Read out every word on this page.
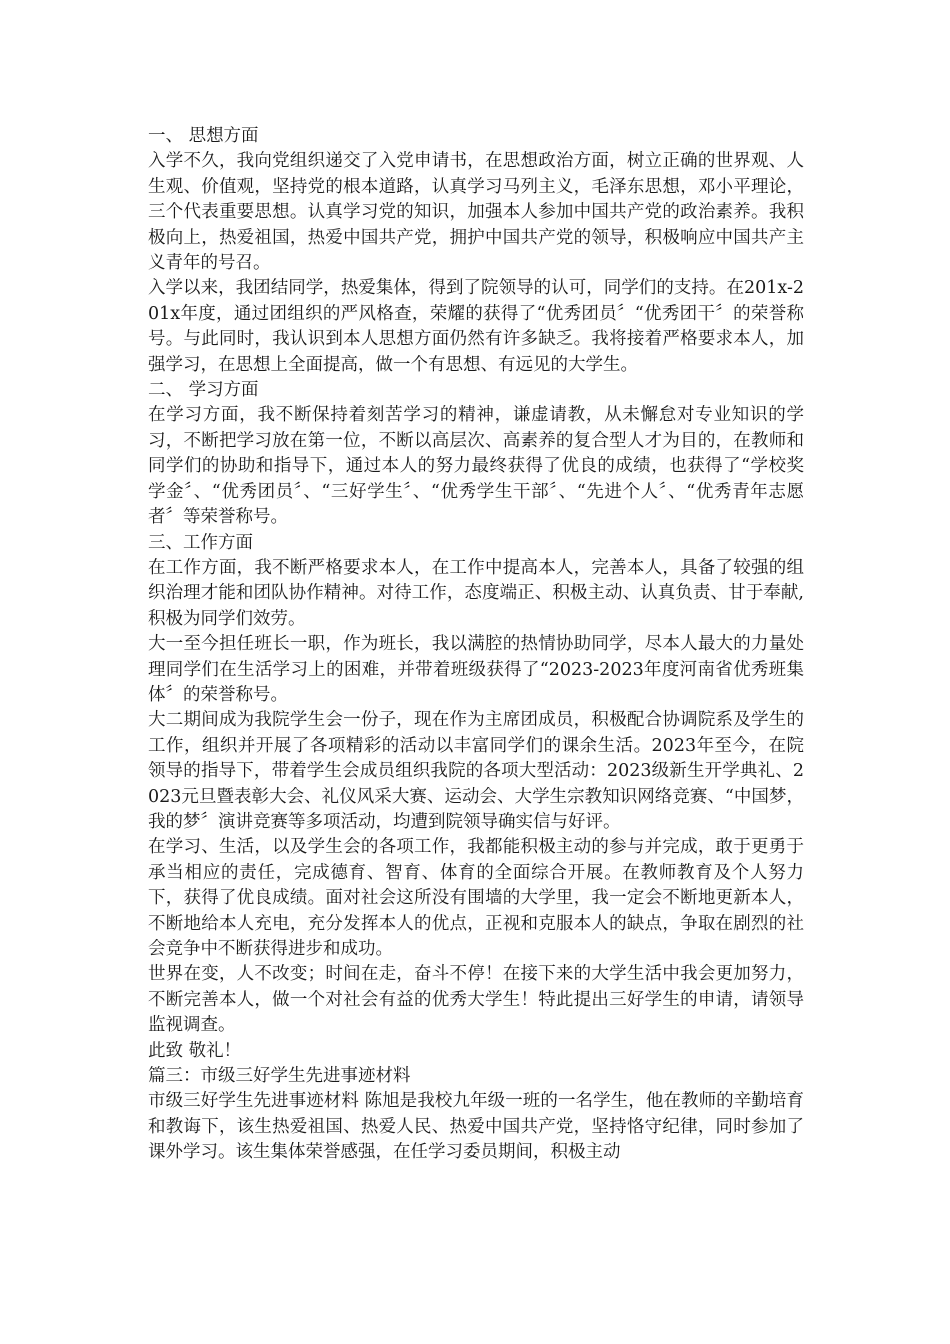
一、 思想方面

入学不久，我向党组织递交了入党申请书，在思想政治方面，树立正确的世界观、人生观、价值观，坚持党的根本道路，认真学习马列主义，毛泽东思想，邓小平理论，三个代表重要思想。认真学习党的知识，加强本人参加中国共产党的政治素养。我积极向上，热爱祖国，热爱中国共产党，拥护中国共产党的领导，积极响应中国共产主义青年的号召。

入学以来，我团结同学，热爱集体，得到了院领导的认可，同学们的支持。在201x-201x年度，通过团组织的严风格查，荣耀的获得了“优秀团员〞“优秀团干〞的荣誉称号。与此同时，我认识到本人思想方面仍然有许多缺乏。我将接着严格要求本人，加强学习，在思想上全面提高，做一个有思想、有远见的大学生。

二、 学习方面

在学习方面，我不断保持着刻苦学习的精神，谦虚请教，从未懈怠对专业知识的学习，不断把学习放在第一位，不断以高层次、高素养的复合型人才为目的，在教师和同学们的协助和指导下，通过本人的努力最终获得了优良的成绩，也获得了“学校奖学金〞、“优秀团员〞、“三好学生〞、“优秀学生干部〞、“先进个人〞、“优秀青年志愿者〞等荣誉称号。

三、工作方面

在工作方面，我不断严格要求本人，在工作中提高本人，完善本人，具备了较强的组织治理才能和团队协作精神。对待工作，态度端正、积极主动、认真负责、甘于奉献,积极为同学们效劳。

大一至今担任班长一职，作为班长，我以满腔的热情协助同学，尽本人最大的力量处理同学们在生活学习上的困难，并带着班级获得了“2023-2023年度河南省优秀班集体〞的荣誉称号。

大二期间成为我院学生会一份子，现在作为主席团成员，积极配合协调院系及学生的工作，组织并开展了各项精彩的活动以丰富同学们的课余生活。2023年至今，在院领导的指导下，带着学生会成员组织我院的各项大型活动：2023级新生开学典礼、2023元旦暨表彰大会、礼仪风采大赛、运动会、大学生宗教知识网络竞赛、“中国梦，我的梦〞演讲竞赛等多项活动，均遭到院领导确实信与好评。

在学习、生活，以及学生会的各项工作，我都能积极主动的参与并完成，敢于更勇于承当相应的责任，完成德育、智育、体育的全面综合开展。在教师教育及个人努力下，获得了优良成绩。面对社会这所没有围墙的大学里，我一定会不断地更新本人，不断地给本人充电，充分发挥本人的优点，正视和克服本人的缺点，争取在剧烈的社会竞争中不断获得进步和成功。

世界在变，人不改变；时间在走，奋斗不停！在接下来的大学生活中我会更加努力，不断完善本人，做一个对社会有益的优秀大学生！特此提出三好学生的申请，请领导监视调查。

此致 敬礼！

篇三：市级三好学生先进事迹材料

市级三好学生先进事迹材料 陈旭是我校九年级一班的一名学生，他在教师的辛勤培育和教诲下，该生热爱祖国、热爱人民、热爱中国共产党，坚持恪守纪律，同时参加了课外学习。该生集体荣誉感强，在任学习委员期间，积极主动
